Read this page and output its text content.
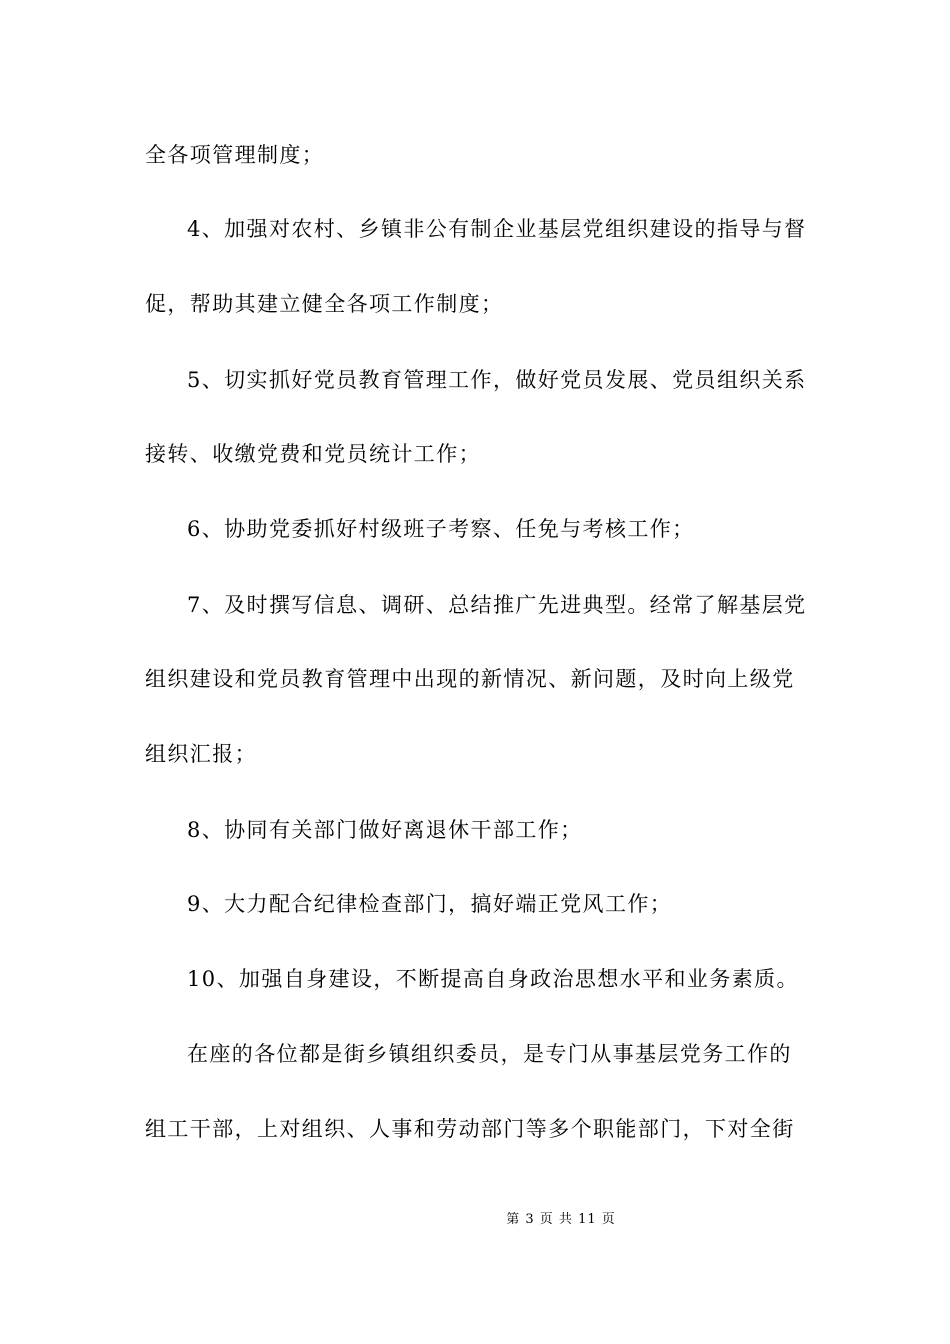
全各项管理制度；
4、加强对农村、乡镇非公有制企业基层党组织建设的指导与督
促，帮助其建立健全各项工作制度；
5、切实抓好党员教育管理工作，做好党员发展、党员组织关系
接转、收缴党费和党员统计工作；
6、协助党委抓好村级班子考察、任免与考核工作；
7、及时撰写信息、调研、总结推广先进典型。经常了解基层党
组织建设和党员教育管理中出现的新情况、新问题，及时向上级党
组织汇报；
8、协同有关部门做好离退休干部工作；
9、大力配合纪律检查部门，搞好端正党风工作；
10、加强自身建设，不断提高自身政治思想水平和业务素质。
在座的各位都是街乡镇组织委员，是专门从事基层党务工作的
组工干部，上对组织、人事和劳动部门等多个职能部门，下对全街
第 3 页 共 11 页
